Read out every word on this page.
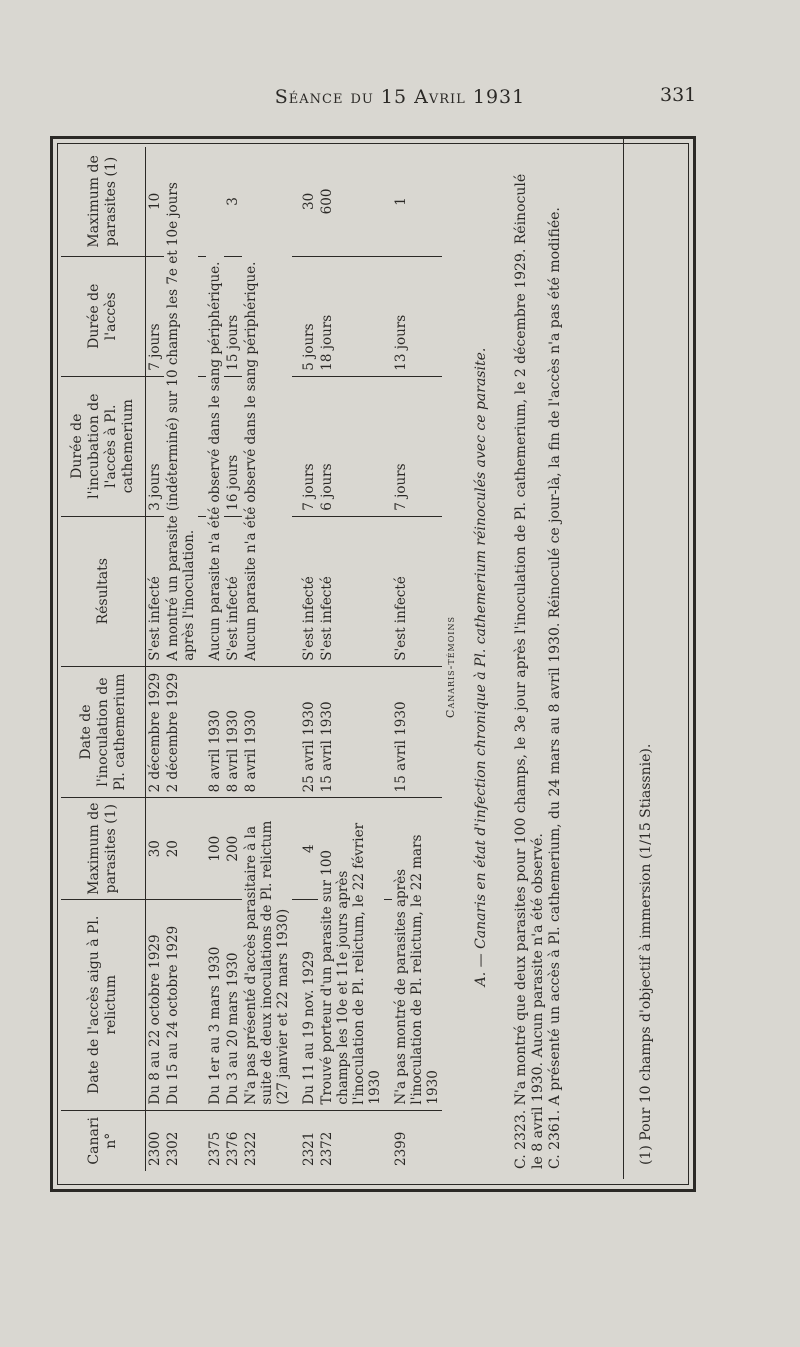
Séance du 15 Avril 1931	331
Canari n°	Date de l'accès aigu à Pl. relictum	Maximum de parasites (1)	Date de l'inoculation de Pl. cathemerium	Résultats	Durée de l'incubation de l'accès à Pl. cathemerium	Durée de l'accès	Maximum de parasites (1)
2300	Du 8 au 22 octobre 1929	30	2 décembre 1929	S'est infecté	3 jours	7 jours	10
2302	Du 15 au 24 octobre 1929	20	2 décembre 1929	A montré un parasite (indéterminé) sur 10 champs les 7e et 10e jours après l'inoculation.			

2375	Du 1er au 3 mars 1930	100	8 avril 1930	Aucun parasite n'a été observé dans le sang périphérique.			
2376	Du 3 au 20 mars 1930	200	8 avril 1930	S'est infecté	16 jours	15 jours	3
2322	N'a pas présenté d'accès parasitaire à la suite de deux inoculations de Pl. relictum (27 janvier et 22 mars 1930)		8 avril 1930	Aucun parasite n'a été observé dans le sang périphérique.			

2321	Du 11 au 19 nov. 1929	4	25 avril 1930	S'est infecté	7 jours	5 jours	30
2372	Trouvé porteur d'un parasite sur 100 champs les 10e et 11e jours après l'inoculation de Pl. relictum, le 22 février 1930		15 avril 1930	S'est infecté	6 jours	18 jours	600

2399	N'a pas montré de parasites après l'inoculation de Pl. relictum, le 22 mars 1930		15 avril 1930	S'est infecté	7 jours	13 jours	1
Canaris-témoins A. — Canaris en état d'infection chronique à Pl. cathemerium réinoculés avec ce parasite. C. 2323. N'a montré que deux parasites pour 100 champs, le 3e jour après l'inoculation de Pl. cathemerium, le 2 décembre 1929. Réinoculé le 8 avril 1930. Aucun parasite n'a été observé. C. 2361. A présenté un accès à Pl. cathemerium, du 24 mars au 8 avril 1930. Réinoculé ce jour-là, la fin de l'accès n'a pas été modifiée.	(1) Pour 10 champs d'objectif à immersion (1/15 Stiassnie).
